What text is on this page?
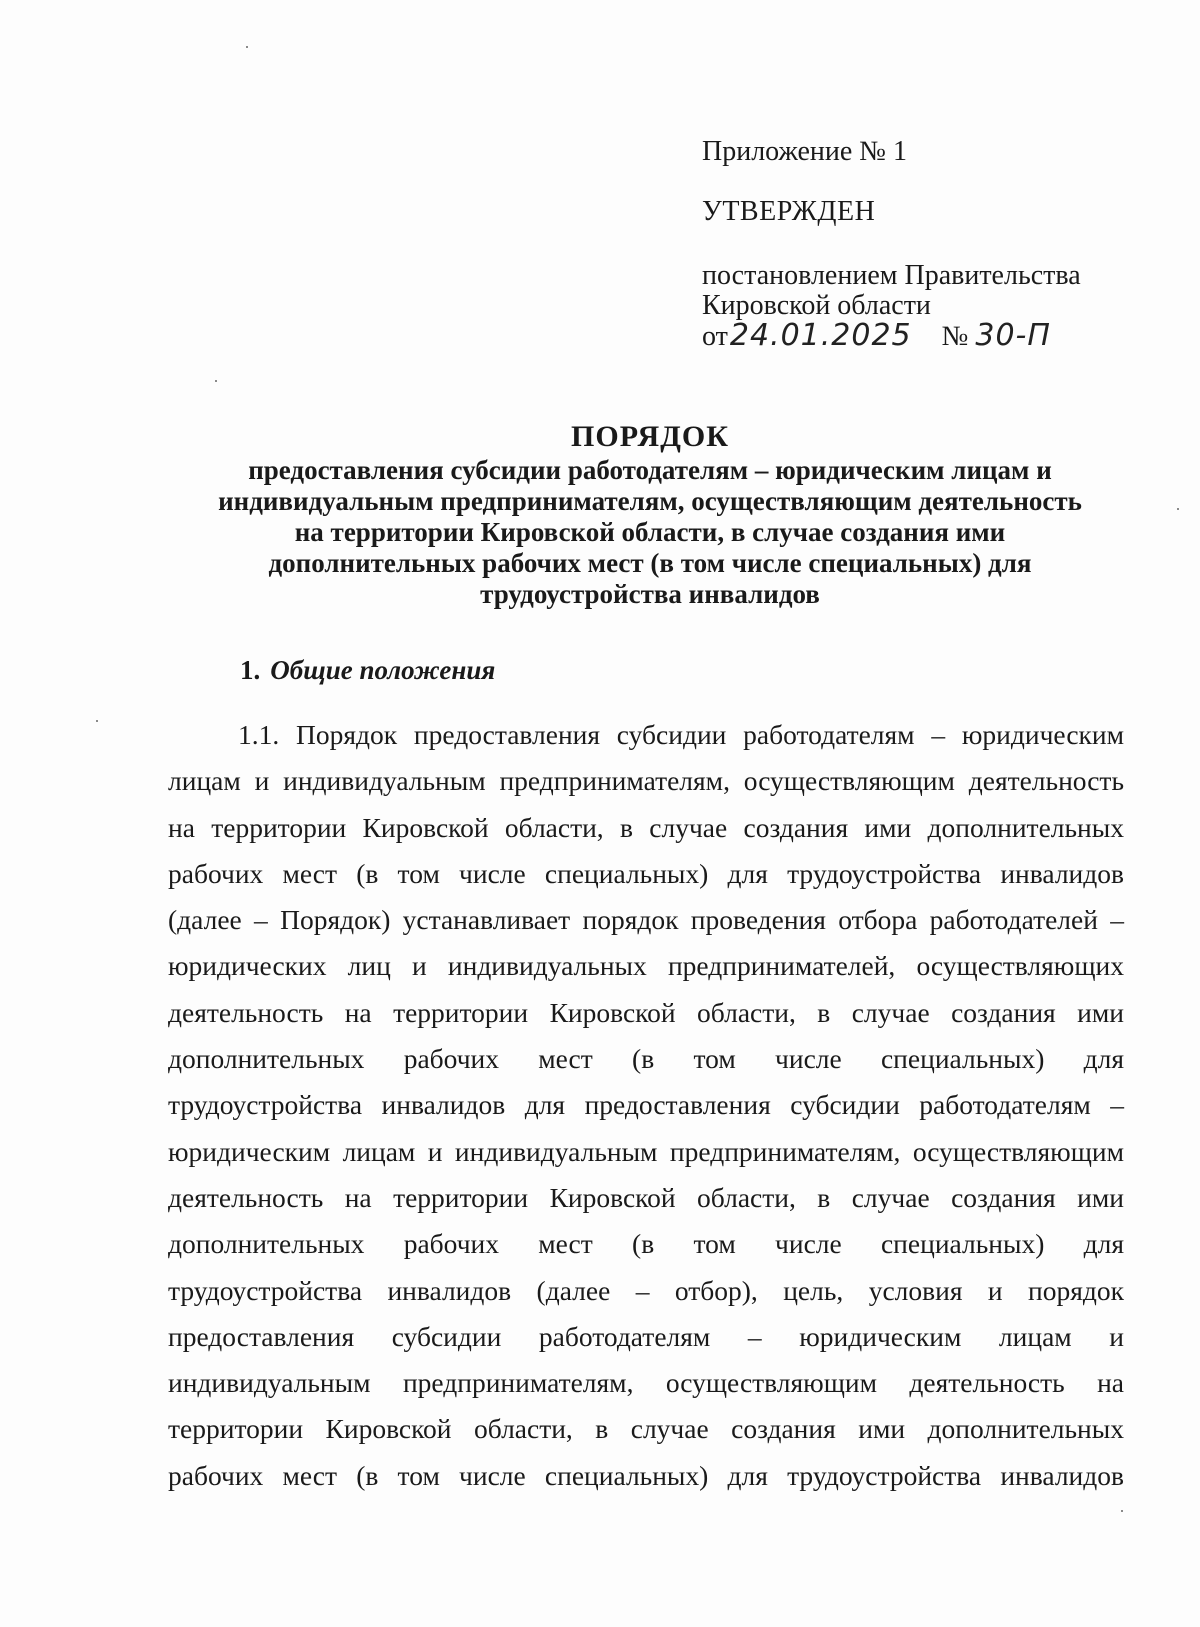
Приложение № 1
УТВЕРЖДЕН
постановлением Правительства
Кировской области
от24.01.2025 № 30-П
ПОРЯДОК
предоставления субсидии работодателям – юридическим лицам и
индивидуальным предпринимателям, осуществляющим деятельность
на территории Кировской области, в случае создания ими
дополнительных рабочих мест (в том числе специальных) для
трудоустройства инвалидов
1. Общие положения
1.1. Порядок предоставления субсидии работодателям – юридическим
лицам и индивидуальным предпринимателям, осуществляющим деятельность
на территории Кировской области, в случае создания ими дополнительных
рабочих мест (в том числе специальных) для трудоустройства инвалидов
(далее – Порядок) устанавливает порядок проведения отбора работодателей –
юридических лиц и индивидуальных предпринимателей, осуществляющих
деятельность на территории Кировской области, в случае создания ими
дополнительных рабочих мест (в том числе специальных) для
трудоустройства инвалидов для предоставления субсидии работодателям –
юридическим лицам и индивидуальным предпринимателям, осуществляющим
деятельность на территории Кировской области, в случае создания ими
дополнительных рабочих мест (в том числе специальных) для
трудоустройства инвалидов (далее – отбор), цель, условия и порядок
предоставления субсидии работодателям – юридическим лицам и
индивидуальным предпринимателям, осуществляющим деятельность на
территории Кировской области, в случае создания ими дополнительных
рабочих мест (в том числе специальных) для трудоустройства инвалидов
